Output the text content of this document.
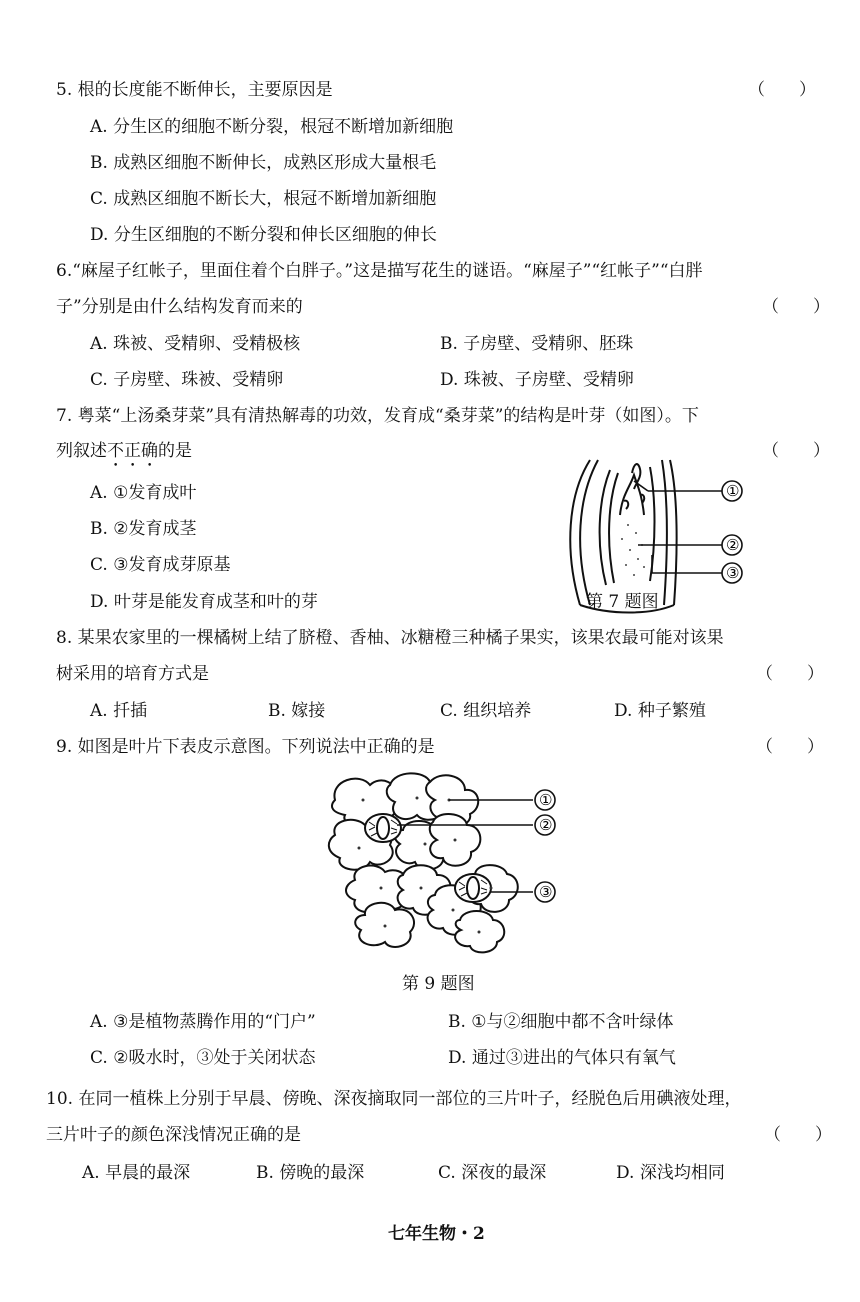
5. 根的长度能不断伸长，主要原因是	（　　）
A. 分生区的细胞不断分裂，根冠不断增加新细胞
B. 成熟区细胞不断伸长，成熟区形成大量根毛
C. 成熟区细胞不断长大，根冠不断增加新细胞
D. 分生区细胞的不断分裂和伸长区细胞的伸长
6.“麻屋子红帐子，里面住着个白胖子。”这是描写花生的谜语。“麻屋子”“红帐子”“白胖
子”分别是由什么结构发育而来的	（　　）
A. 珠被、受精卵、受精极核	B. 子房壁、受精卵、胚珠
C. 子房壁、珠被、受精卵	D. 珠被、子房壁、受精卵
7. 粤菜“上汤桑芽菜”具有清热解毒的功效，发育成“桑芽菜”的结构是叶芽（如图）。下
列叙述不正确的是	（　　）
A. ①发育成叶
B. ②发育成茎
C. ③发育成芽原基
D. 叶芽是能发育成茎和叶的芽
①
②
③
第 7 题图
8. 某果农家里的一棵橘树上结了脐橙、香柚、冰糖橙三种橘子果实，该果农最可能对该果
树采用的培育方式是	（　　）
A. 扦插	B. 嫁接	C. 组织培养	D. 种子繁殖
9. 如图是叶片下表皮示意图。下列说法中正确的是	（　　）
①
②
③
第 9 题图
A. ③是植物蒸腾作用的“门户”	B. ①与②细胞中都不含叶绿体
C. ②吸水时，③处于关闭状态	D. 通过③进出的气体只有氧气
10. 在同一植株上分别于早晨、傍晚、深夜摘取同一部位的三片叶子，经脱色后用碘液处理，
三片叶子的颜色深浅情况正确的是	（　　）
A. 早晨的最深	B. 傍晚的最深	C. 深夜的最深	D. 深浅均相同
七年生物・2
